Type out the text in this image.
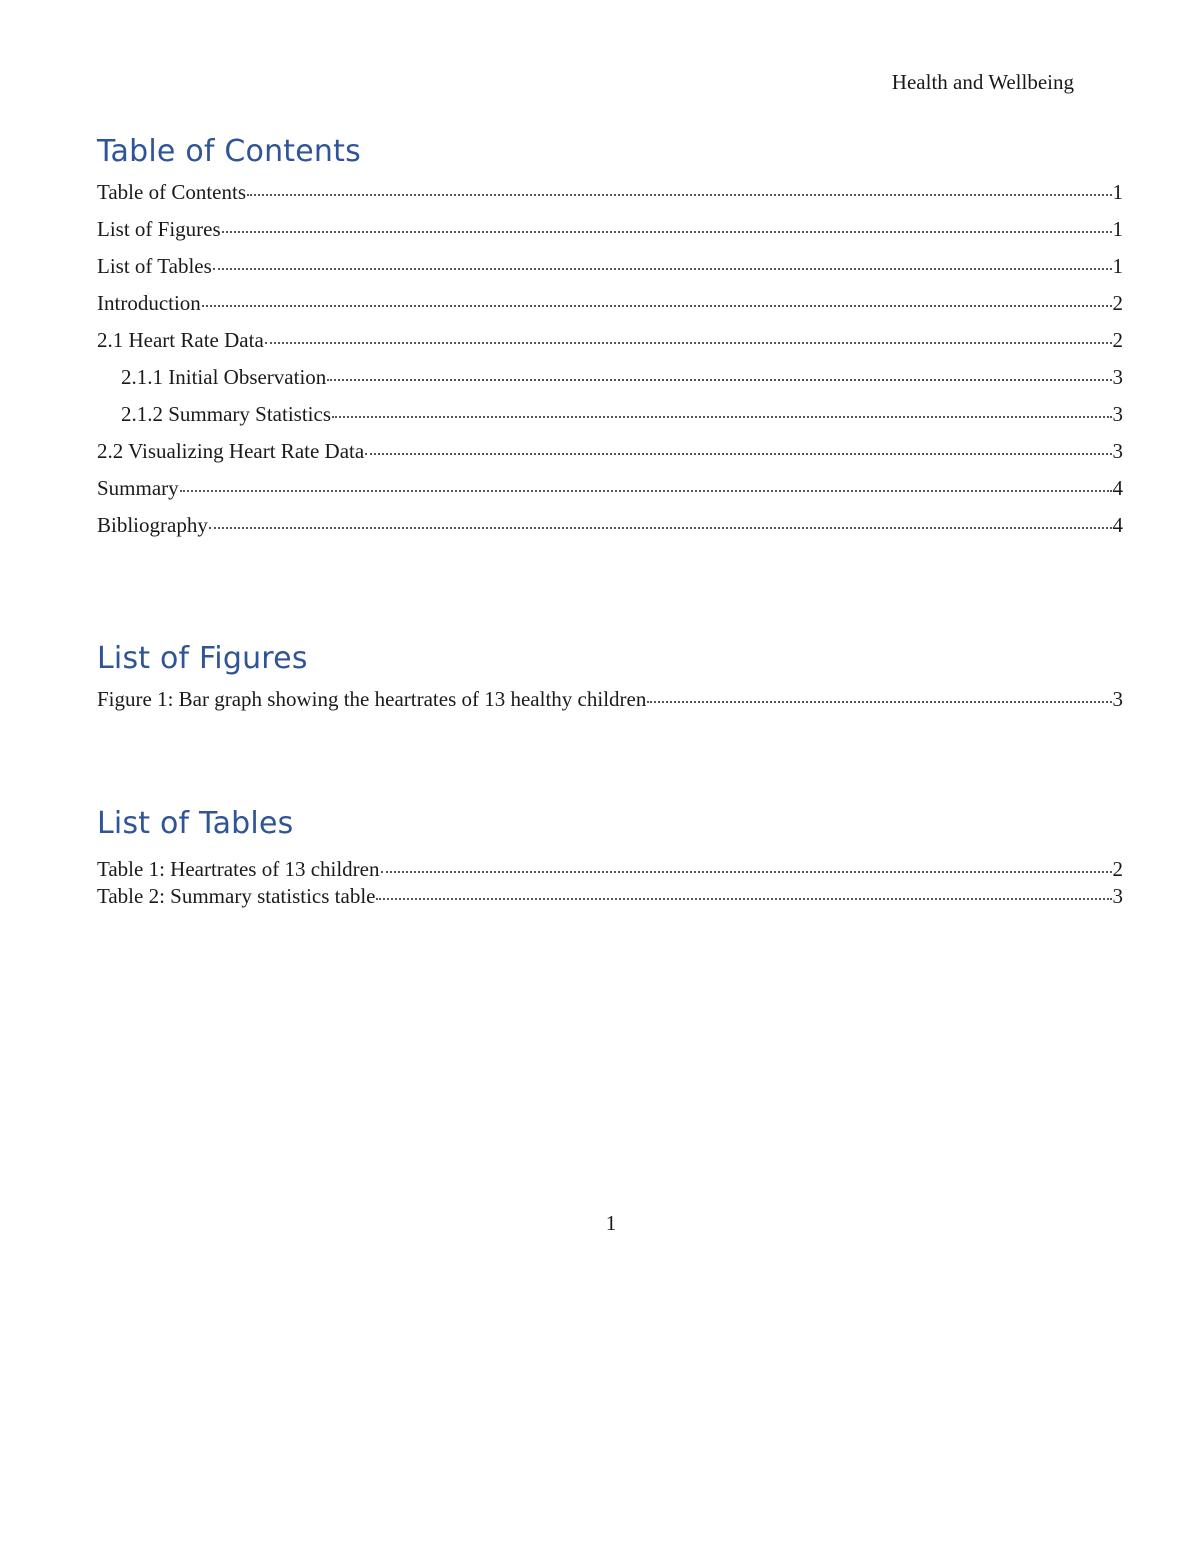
Health and Wellbeing
Table of Contents
Table of Contents	1
List of Figures	1
List of Tables	1
Introduction	2
2.1 Heart Rate Data	2
2.1.1 Initial Observation	3
2.1.2 Summary Statistics	3
2.2 Visualizing Heart Rate Data	3
Summary	4
Bibliography	4
List of Figures
Figure 1: Bar graph showing the heartrates of 13 healthy children	3
List of Tables
Table 1: Heartrates of 13 children	2
Table 2: Summary statistics table	3
1
